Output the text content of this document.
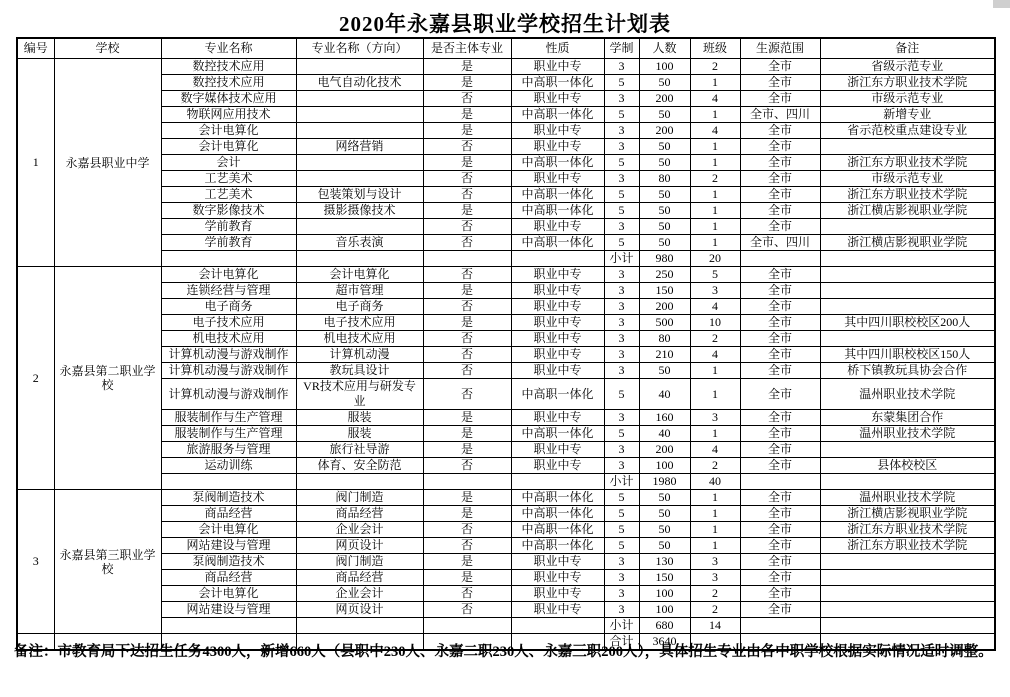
2020年永嘉县职业学校招生计划表
编号	学校	专业名称	专业名称（方向）	是否主体专业	性质	学制	人数	班级	生源范围	备注
1	永嘉县职业中学	数控技术应用		是	职业中专	3	100	2	全市	省级示范专业
		数控技术应用	电气自动化技术	是	中高职一体化	5	50	1	全市	浙江东方职业技术学院
		数字媒体技术应用		否	职业中专	3	200	4	全市	市级示范专业
		物联网应用技术		是	中高职一体化	5	50	1	全市、四川	新增专业
		会计电算化		是	职业中专	3	200	4	全市	省示范校重点建设专业
		会计电算化	网络营销	否	职业中专	3	50	1	全市	
		会计		是	中高职一体化	5	50	1	全市	浙江东方职业技术学院
		工艺美术		否	职业中专	3	80	2	全市	市级示范专业
		工艺美术	包装策划与设计	否	中高职一体化	5	50	1	全市	浙江东方职业技术学院
		数字影像技术	摄影摄像技术	是	中高职一体化	5	50	1	全市	浙江横店影视职业学院
		学前教育		否	职业中专	3	50	1	全市	
		学前教育	音乐表演	否	中高职一体化	5	50	1	全市、四川	浙江横店影视职业学院
						小计	980	20		
2	永嘉县第二职业学校	会计电算化	会计电算化	否	职业中专	3	250	5	全市	
		连锁经营与管理	超市管理	是	职业中专	3	150	3	全市	
		电子商务	电子商务	否	职业中专	3	200	4	全市	
		电子技术应用	电子技术应用	是	职业中专	3	500	10	全市	其中四川职校校区200人
		机电技术应用	机电技术应用	否	职业中专	3	80	2	全市	
		计算机动漫与游戏制作	计算机动漫	否	职业中专	3	210	4	全市	其中四川职校校区150人
		计算机动漫与游戏制作	教玩具设计	否	职业中专	3	50	1	全市	桥下镇教玩具协会合作
		计算机动漫与游戏制作	VR技术应用与研发专业	否	中高职一体化	5	40	1	全市	温州职业技术学院
		服装制作与生产管理	服装	是	职业中专	3	160	3	全市	东蒙集团合作
		服装制作与生产管理	服装	是	中高职一体化	5	40	1	全市	温州职业技术学院
		旅游服务与管理	旅行社导游	是	职业中专	3	200	4	全市	
		运动训练	体育、安全防范	否	职业中专	3	100	2	全市	县体校校区
						小计	1980	40		
3	永嘉县第三职业学校	泵阀制造技术	阀门制造	是	中高职一体化	5	50	1	全市	温州职业技术学院
		商品经营	商品经营	是	中高职一体化	5	50	1	全市	浙江横店影视职业学院
		会计电算化	企业会计	否	中高职一体化	5	50	1	全市	浙江东方职业技术学院
		网站建设与管理	网页设计	否	中高职一体化	5	50	1	全市	浙江东方职业技术学院
		泵阀制造技术	阀门制造	是	职业中专	3	130	3	全市	
		商品经营	商品经营	是	职业中专	3	150	3	全市	
		会计电算化	企业会计	否	职业中专	3	100	2	全市	
		网站建设与管理	网页设计	否	职业中专	3	100	2	全市	
						小计	680	14		
						合计	3640			
备注：市教育局下达招生任务4300人，新增660人（县职中230人、永嘉二职230人、永嘉三职200人），具体招生专业由各中职学校根据实际情况适时调整。
